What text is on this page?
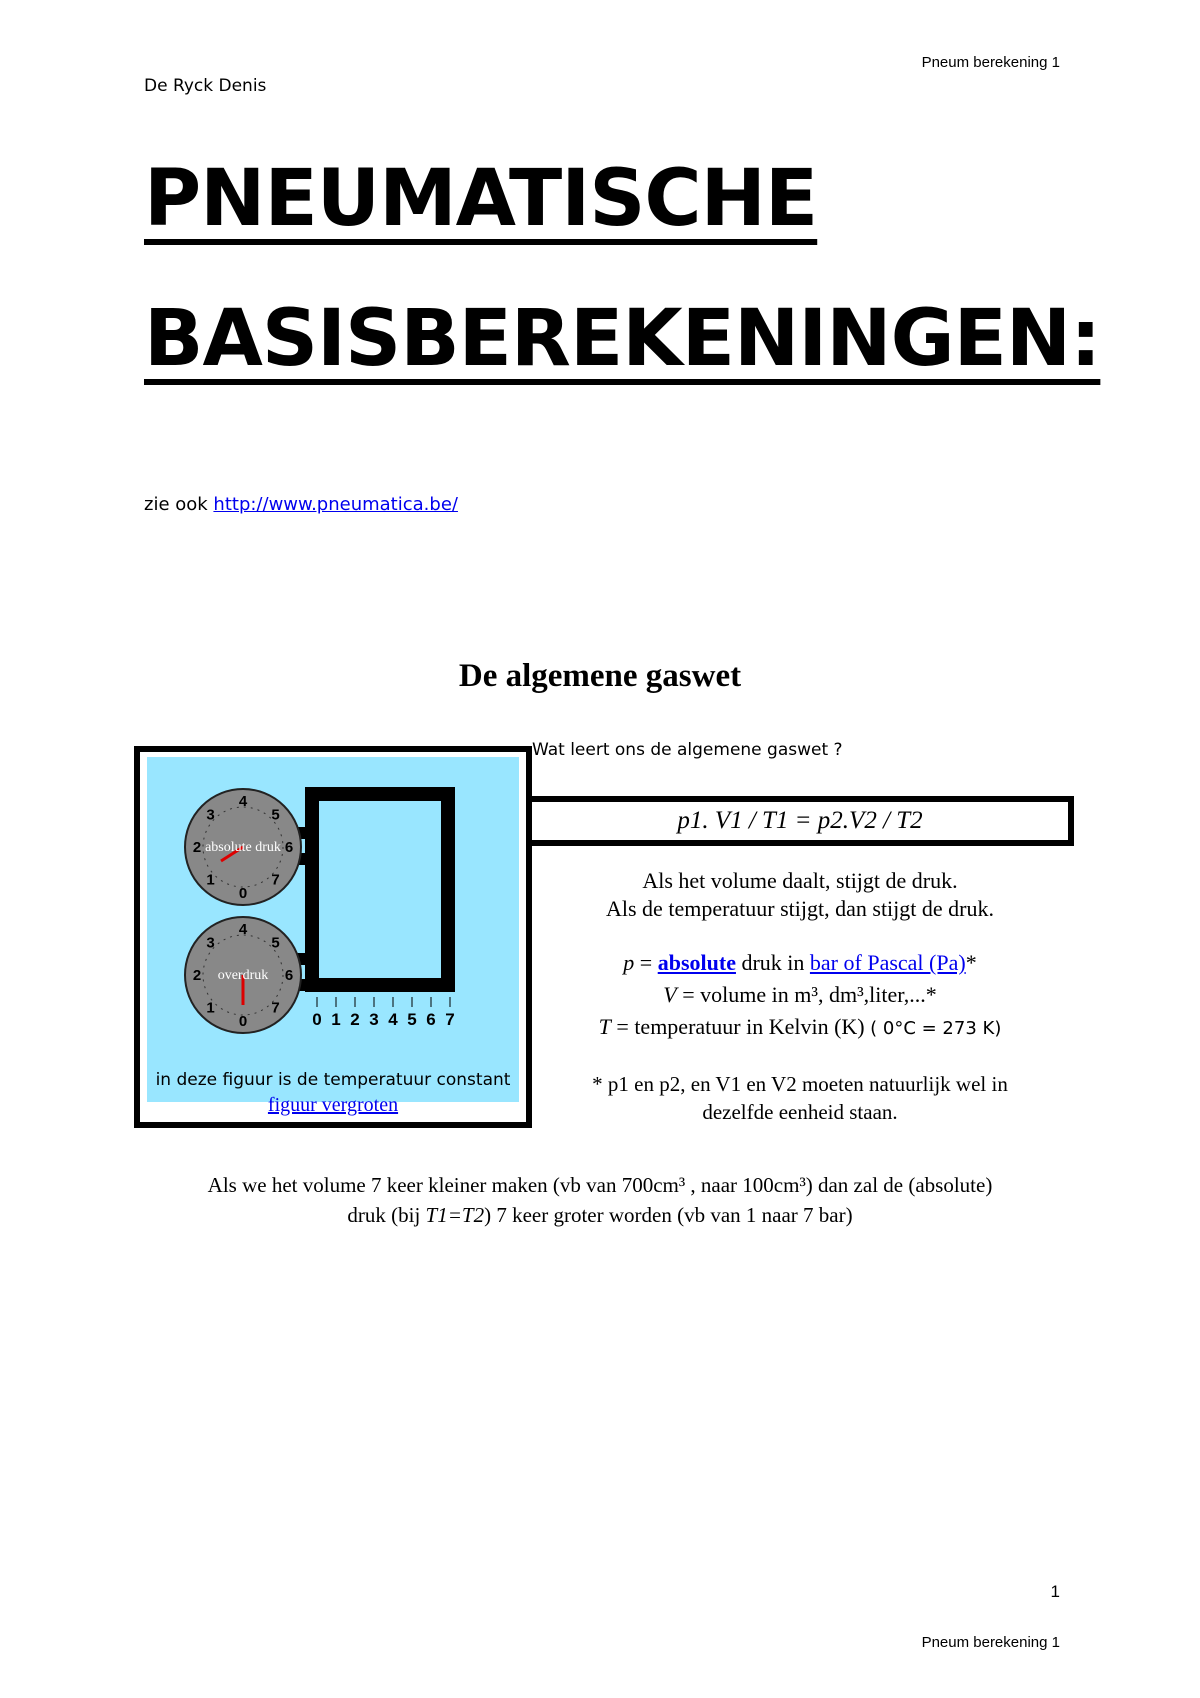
Pneum berekening 1
De Ryck Denis
PNEUMATISCHE
BASISBEREKENINGEN:
zie ook http://www.pneumatica.be/
De algemene gaswet
0
1
2
3
4
5
6
7
absolute druk
0
1
2
3
4
5
6
7
overdruk
0 1 2 3 4 5 6 7
in deze figuur is de temperatuur constant
figuur vergroten
Wat leert ons de algemene gaswet ?
p1. V1 / T1 = p2.V2 / T2
Als het volume daalt, stijgt de druk.
Als de temperatuur stijgt, dan stijgt de druk.
p = absolute druk in bar of Pascal (Pa)*
V = volume in m³, dm³,liter,...*
T = temperatuur in Kelvin (K) ( 0°C = 273 K)
* p1 en p2, en V1 en V2 moeten natuurlijk wel in
dezelfde eenheid staan.
Als we het volume 7 keer kleiner maken (vb van 700cm³ , naar 100cm³) dan zal de (absolute)
druk (bij T1=T2) 7 keer groter worden (vb van 1 naar 7 bar)
1
Pneum berekening 1
